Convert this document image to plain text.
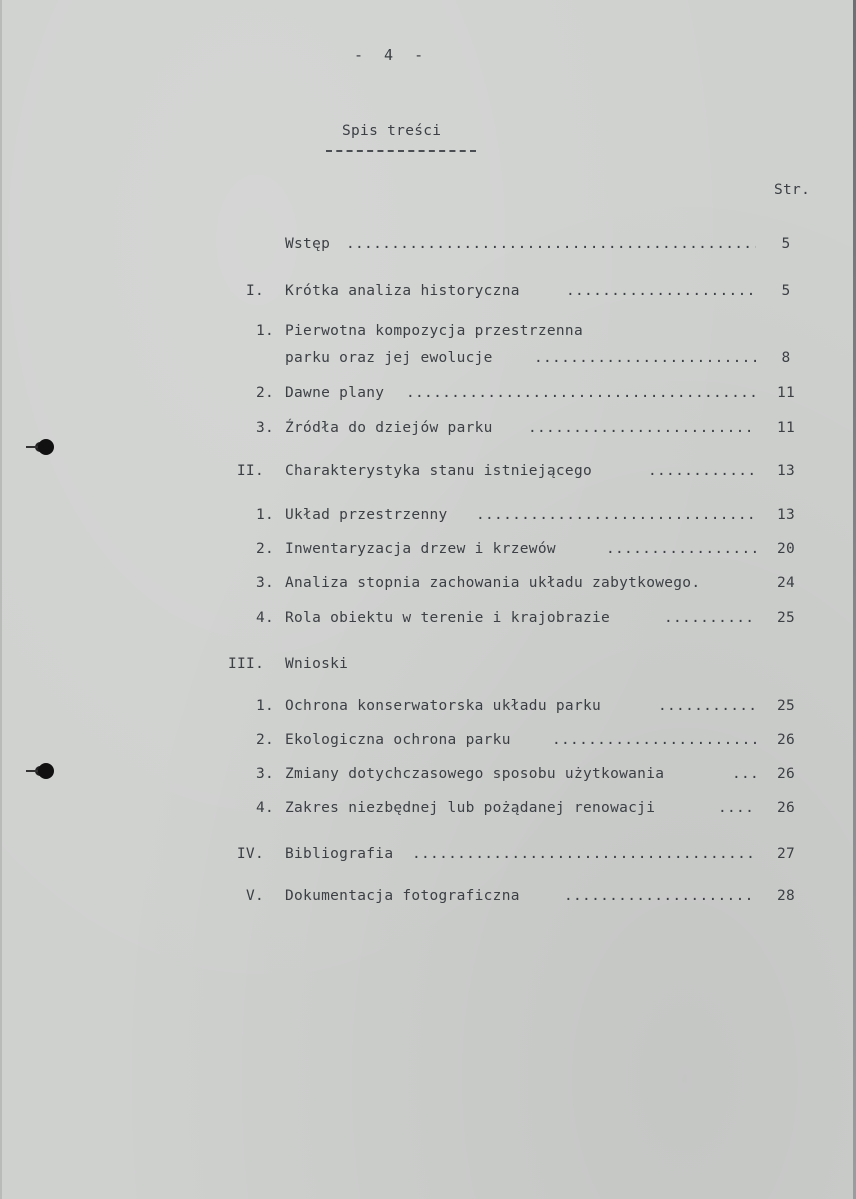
- 4 -
Spis treści
Str.
Wstęp .....	5
I. Krótka analiza historyczna .....	5
1. Pierwotna kompozycja przestrzenna
parku oraz jej ewolucje .....	8
2. Dawne plany .....	11
3. Źródła do dziejów parku .....	11
II. Charakterystyka stanu istniejącego .....	13
1. Układ przestrzenny .....	13
2. Inwentaryzacja drzew i krzewów .....	20
3. Analiza stopnia zachowania układu zabytkowego.	24
4. Rola obiektu w terenie i krajobrazie .....	25
III. Wnioski
1. Ochrona konserwatorska układu parku .....	25
2. Ekologiczna ochrona parku .....	26
3. Zmiany dotychczasowego sposobu użytkowania .....	26
4. Zakres niezbędnej lub pożądanej renowacji .....	26
IV. Bibliografia .....	27
V. Dokumentacja fotograficzna .....	28
